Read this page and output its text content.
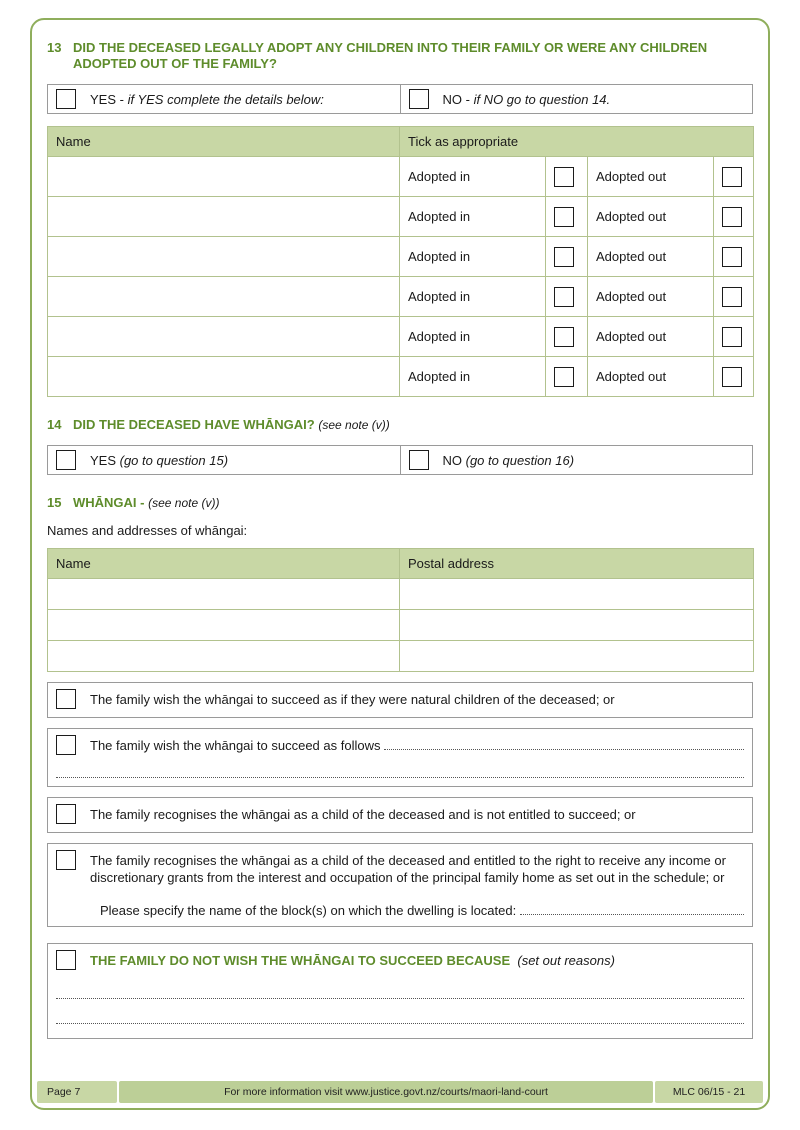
13 DID THE DECEASED LEGALLY ADOPT ANY CHILDREN INTO THEIR FAMILY OR WERE ANY CHILDREN ADOPTED OUT OF THE FAMILY?
YES - if YES complete the details below:	NO - if NO go to question 14.
Name	Tick as appropriate			
	Adopted in		Adopted out	
	Adopted in		Adopted out	
	Adopted in		Adopted out	
	Adopted in		Adopted out	
	Adopted in		Adopted out	
	Adopted in		Adopted out	
14 DID THE DECEASED HAVE WHĀNGAI? (see note (v))
YES (go to question 15)	NO (go to question 16)
15 WHĀNGAI - (see note (v))
Names and addresses of whāngai:
Name	Postal address

The family wish the whāngai to succeed as if they were natural children of the deceased; or
The family wish the whāngai to succeed as follows
The family recognises the whāngai as a child of the deceased and is not entitled to succeed; or
The family recognises the whāngai as a child of the deceased and entitled to the right to receive any income or discretionary grants from the interest and occupation of the principal family home as set out in the schedule; or
Please specify the name of the block(s) on which the dwelling is located:
THE FAMILY DO NOT WISH THE WHĀNGAI TO SUCCEED BECAUSE (set out reasons)
Page 7	For more information visit www.justice.govt.nz/courts/maori-land-court	MLC 06/15 - 21
